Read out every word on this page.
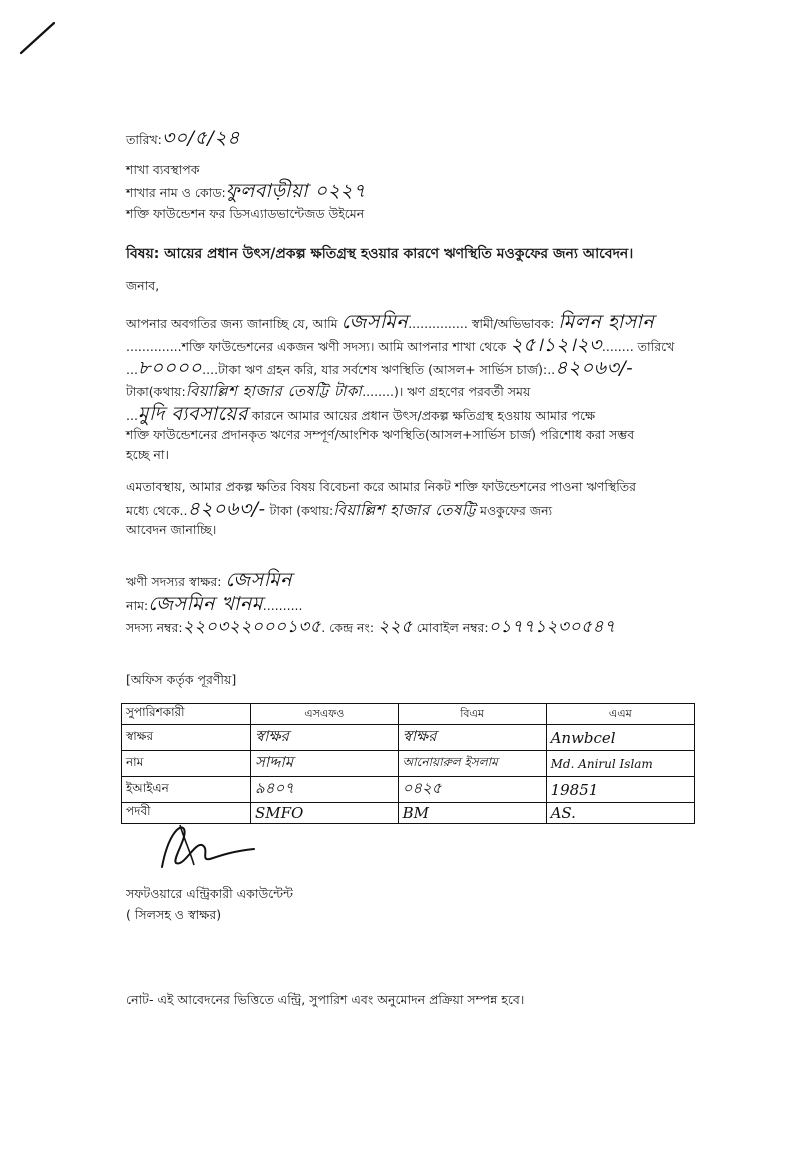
তারিখ:৩০/৫/২৪
শাখা ব্যবস্থাপক
শাখার নাম ও কোড:ফুলবাড়ীয়া ০২২৭
শক্তি ফাউন্ডেশন ফর ডিসএ্যাডভান্টেজড উইমেন
বিষয়: আয়ের প্রধান উৎস/প্রকল্প ক্ষতিগ্রস্থ হওয়ার কারণে ঋণস্থিতি মওকুফের জন্য আবেদন।
জনাব,
আপনার অবগতির জন্য জানাচ্ছি যে, আমি জেসমিন............... স্বামী/অভিভাবক: মিলন হাসান
..............শক্তি ফাউন্ডেশনের একজন ঋণী সদস্য। আমি আপনার শাখা থেকে ২৫।১২।২৩........ তারিখে
...৮০০০০....টাকা ঋণ গ্রহন করি, যার সর্বশেষ ঋণস্থিতি (আসল+ সার্ভিস চার্জ):..৪২০৬৩/-
টাকা(কথায়:বিয়াল্লিশ হাজার তেষট্টি টাকা........)। ঋণ গ্রহণের পরবর্তী সময়
...মুদি ব্যবসায়ের কারনে আমার আয়ের প্রধান উৎস/প্রকল্প ক্ষতিগ্রস্থ হওয়ায় আমার পক্ষে
শক্তি ফাউন্ডেশনের প্রদানকৃত ঋণের সম্পূর্ণ/আংশিক ঋণস্থিতি(আসল+সার্ভিস চার্জ) পরিশোধ করা সম্ভব
হচ্ছে না।
এমতাবস্থায়, আমার প্রকল্প ক্ষতির বিষয় বিবেচনা করে আমার নিকট শক্তি ফাউন্ডেশনের পাওনা ঋণস্থিতির
মধ্যে থেকে..৪২০৬৩/- টাকা (কথায়:বিয়াল্লিশ হাজার তেষট্টি মওকুফের জন্য
আবেদন জানাচ্ছি।
ঋণী সদস্যর স্বাক্ষর: জেসমিন
নাম:জেসমিন খানম..........
সদস্য নম্বর:২২০৩২২০০০১৩৫. কেন্দ্র নং: ২২৫ মোবাইল নম্বর:০১৭৭১২৩০৫৪৭
[অফিস কর্তৃক পূরণীয়]
সুপারিশকারী	এসএফও	বিএম	এএম
স্বাক্ষর	স্বাক্ষর	স্বাক্ষর	Anwbcel
নাম	সাদ্দাম	আনোয়ারুল ইসলাম	Md. Anirul Islam
ইআইএন	৯৪০৭	০৪২৫	19851
পদবী	SMFO	BM	AS.
সফটওয়ারে এন্ট্রিকারী একাউন্টেন্ট
( সিলসহ ও স্বাক্ষর)
নোট- এই আবেদনের ভিত্তিতে এন্ট্রি, সুপারিশ এবং অনুমোদন প্রক্রিয়া সম্পন্ন হবে।
